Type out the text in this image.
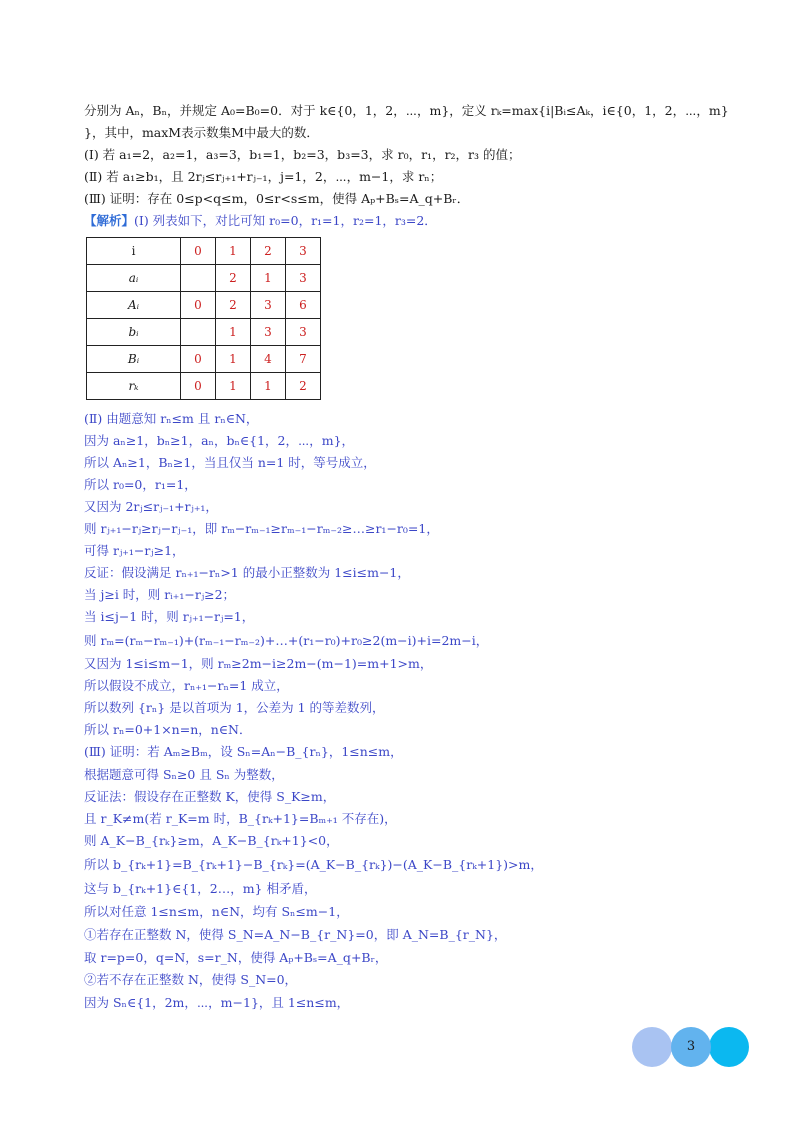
分别为 Aₙ，Bₙ，并规定 A₀=B₀=0．对于 k∈{0，1，2，⋯，m}，定义 rₖ=max{i|Bᵢ≤Aₖ，i∈{0，1，2，⋯，m}
}，其中，maxM表示数集M中最大的数．
(Ⅰ) 若 a₁=2，a₂=1，a₃=3，b₁=1，b₂=3，b₃=3，求 r₀，r₁，r₂，r₃ 的值；
(Ⅱ) 若 a₁≥b₁，且 2rⱼ≤rⱼ₊₁+rⱼ₋₁，j=1，2，⋯，m−1，求 rₙ；
(Ⅲ) 证明：存在 0≤p<q≤m，0≤r<s≤m，使得 Aₚ+Bₛ=A_q+Bᵣ．
【解析】(Ⅰ) 列表如下，对比可知 r₀=0，r₁=1，r₂=1，r₃=2．
i	0	1	2	3
aᵢ		2	1	3
Aᵢ	0	2	3	6
bᵢ		1	3	3
Bᵢ	0	1	4	7
rₖ	0	1	1	2
(Ⅱ) 由题意知 rₙ≤m 且 rₙ∈N，
因为 aₙ≥1，bₙ≥1，aₙ，bₙ∈{1，2，⋯，m}，
所以 Aₙ≥1，Bₙ≥1，当且仅当 n=1 时，等号成立，
所以 r₀=0，r₁=1，
又因为 2rⱼ≤rⱼ₋₁+rⱼ₊₁，
则 rⱼ₊₁−rⱼ≥rⱼ−rⱼ₋₁，即 rₘ−rₘ₋₁≥rₘ₋₁−rₘ₋₂≥…≥r₁−r₀=1，
可得 rⱼ₊₁−rⱼ≥1，
反证：假设满足 rₙ₊₁−rₙ>1 的最小正整数为 1≤i≤m−1，
当 j≥i 时，则 rᵢ₊₁−rⱼ≥2；
当 i≤j−1 时，则 rⱼ₊₁−rⱼ=1，
则 rₘ=(rₘ−rₘ₋₁)+(rₘ₋₁−rₘ₋₂)+…+(r₁−r₀)+r₀≥2(m−i)+i=2m−i，
又因为 1≤i≤m−1，则 rₘ≥2m−i≥2m−(m−1)=m+1>m，
所以假设不成立，rₙ₊₁−rₙ=1 成立，
所以数列 {rₙ} 是以首项为 1，公差为 1 的等差数列，
所以 rₙ=0+1×n=n，n∈N．
(Ⅲ) 证明：若 Aₘ≥Bₘ，设 Sₙ=Aₙ−B_{rₙ}，1≤n≤m，
根据题意可得 Sₙ≥0 且 Sₙ 为整数，
反证法：假设存在正整数 K，使得 S_K≥m，
且 r_K≠m(若 r_K=m 时，B_{rₖ+1}=Bₘ₊₁ 不存在)，
则 A_K−B_{rₖ}≥m，A_K−B_{rₖ+1}<0，
所以 b_{rₖ+1}=B_{rₖ+1}−B_{rₖ}=(A_K−B_{rₖ})−(A_K−B_{rₖ+1})>m，
这与 b_{rₖ+1}∈{1，2…，m} 相矛盾，
所以对任意 1≤n≤m，n∈N，均有 Sₙ≤m−1，
①若存在正整数 N，使得 S_N=A_N−B_{r_N}=0，即 A_N=B_{r_N}，
取 r=p=0，q=N，s=r_N，使得 Aₚ+Bₛ=A_q+Bᵣ，
②若不存在正整数 N，使得 S_N=0，
因为 Sₙ∈{1，2m，⋯，m−1}，且 1≤n≤m，
3
